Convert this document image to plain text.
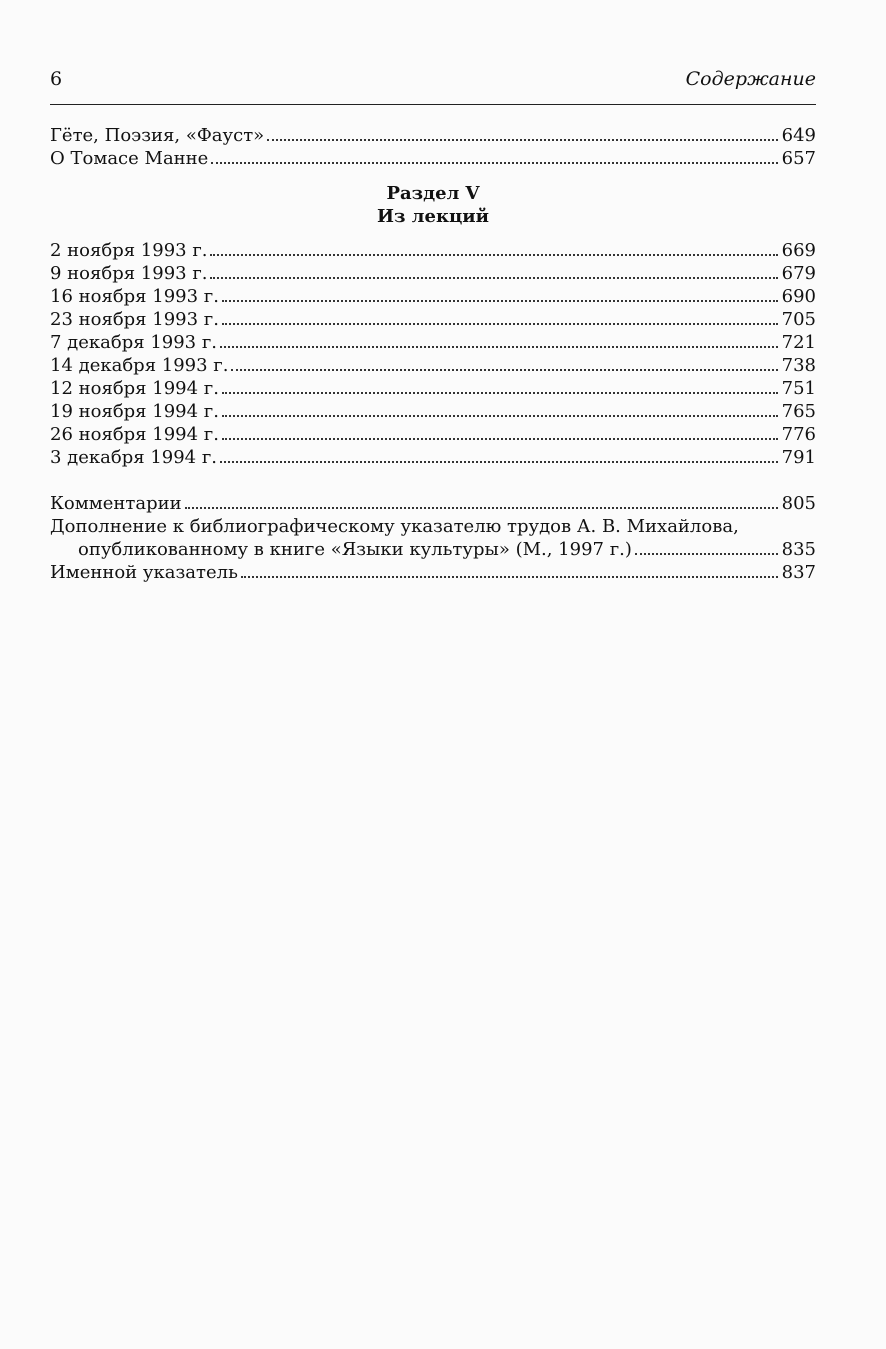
6	Содержание
Гёте, Поэзия, «Фауст»	649
О Томасе Манне	657
Раздел V
Из лекций
2 ноября 1993 г.	669
9 ноября 1993 г.	679
16 ноября 1993 г.	690
23 ноября 1993 г.	705
7 декабря 1993 г.	721
14 декабря 1993 г.	738
12 ноября 1994 г.	751
19 ноября 1994 г.	765
26 ноября 1994 г.	776
3 декабря 1994 г.	791
Комментарии	805
Дополнение к библиографическому указателю трудов А. В. Михайлова,
опубликованному в книге «Языки культуры» (М., 1997 г.)	835
Именной указатель	837
